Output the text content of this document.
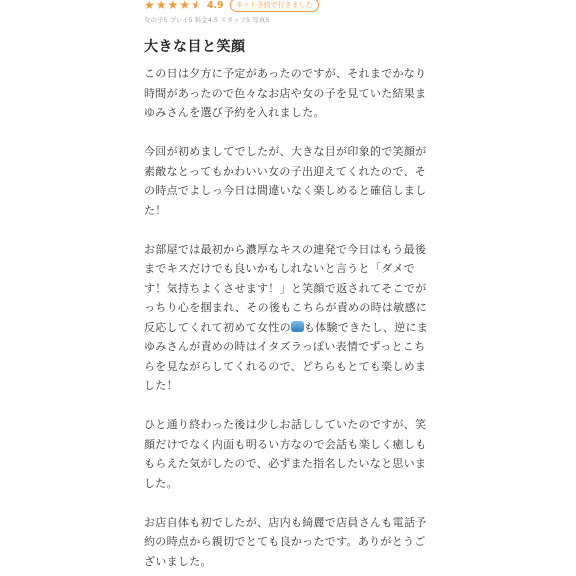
★ ★ ★ ★
★ ★ 4.9	ネット予約で行きました
女の子5 プレイ5 料金4.5 スタッフ5 写真5
大きな目と笑顔

この日は夕方に予定があったのですが、それまでかなり時間があったので色々なお店や女の子を見ていた結果まゆみさんを選び予約を入れました。

今回が初めましてでしたが、大きな目が印象的で笑顔が素敵なとってもかわいい女の子出迎えてくれたので、その時点でよしっ今日は間違いなく楽しめると確信しました！

お部屋では最初から濃厚なキスの連発で今日はもう最後までキスだけでも良いかもしれないと言うと「ダメです！気持ちよくさせます！」と笑顔で返されてそこでがっちり心を掴まれ、その後もこちらが責めの時は敏感に反応してくれて初めて女性の も体験できたし、逆にまゆみさんが責めの時はイタズラっぽい表情でずっとこちらを見ながらしてくれるので、どちらもとても楽しめました！

ひと通り終わった後は少しお話ししていたのですが、笑顔だけでなく内面も明るい方なので会話も楽しく癒しももらえた気がしたので、必ずまた指名したいなと思いました。

お店自体も初でしたが、店内も綺麗で店員さんも電話予約の時点から親切でとても良かったです。ありがとうございました。
